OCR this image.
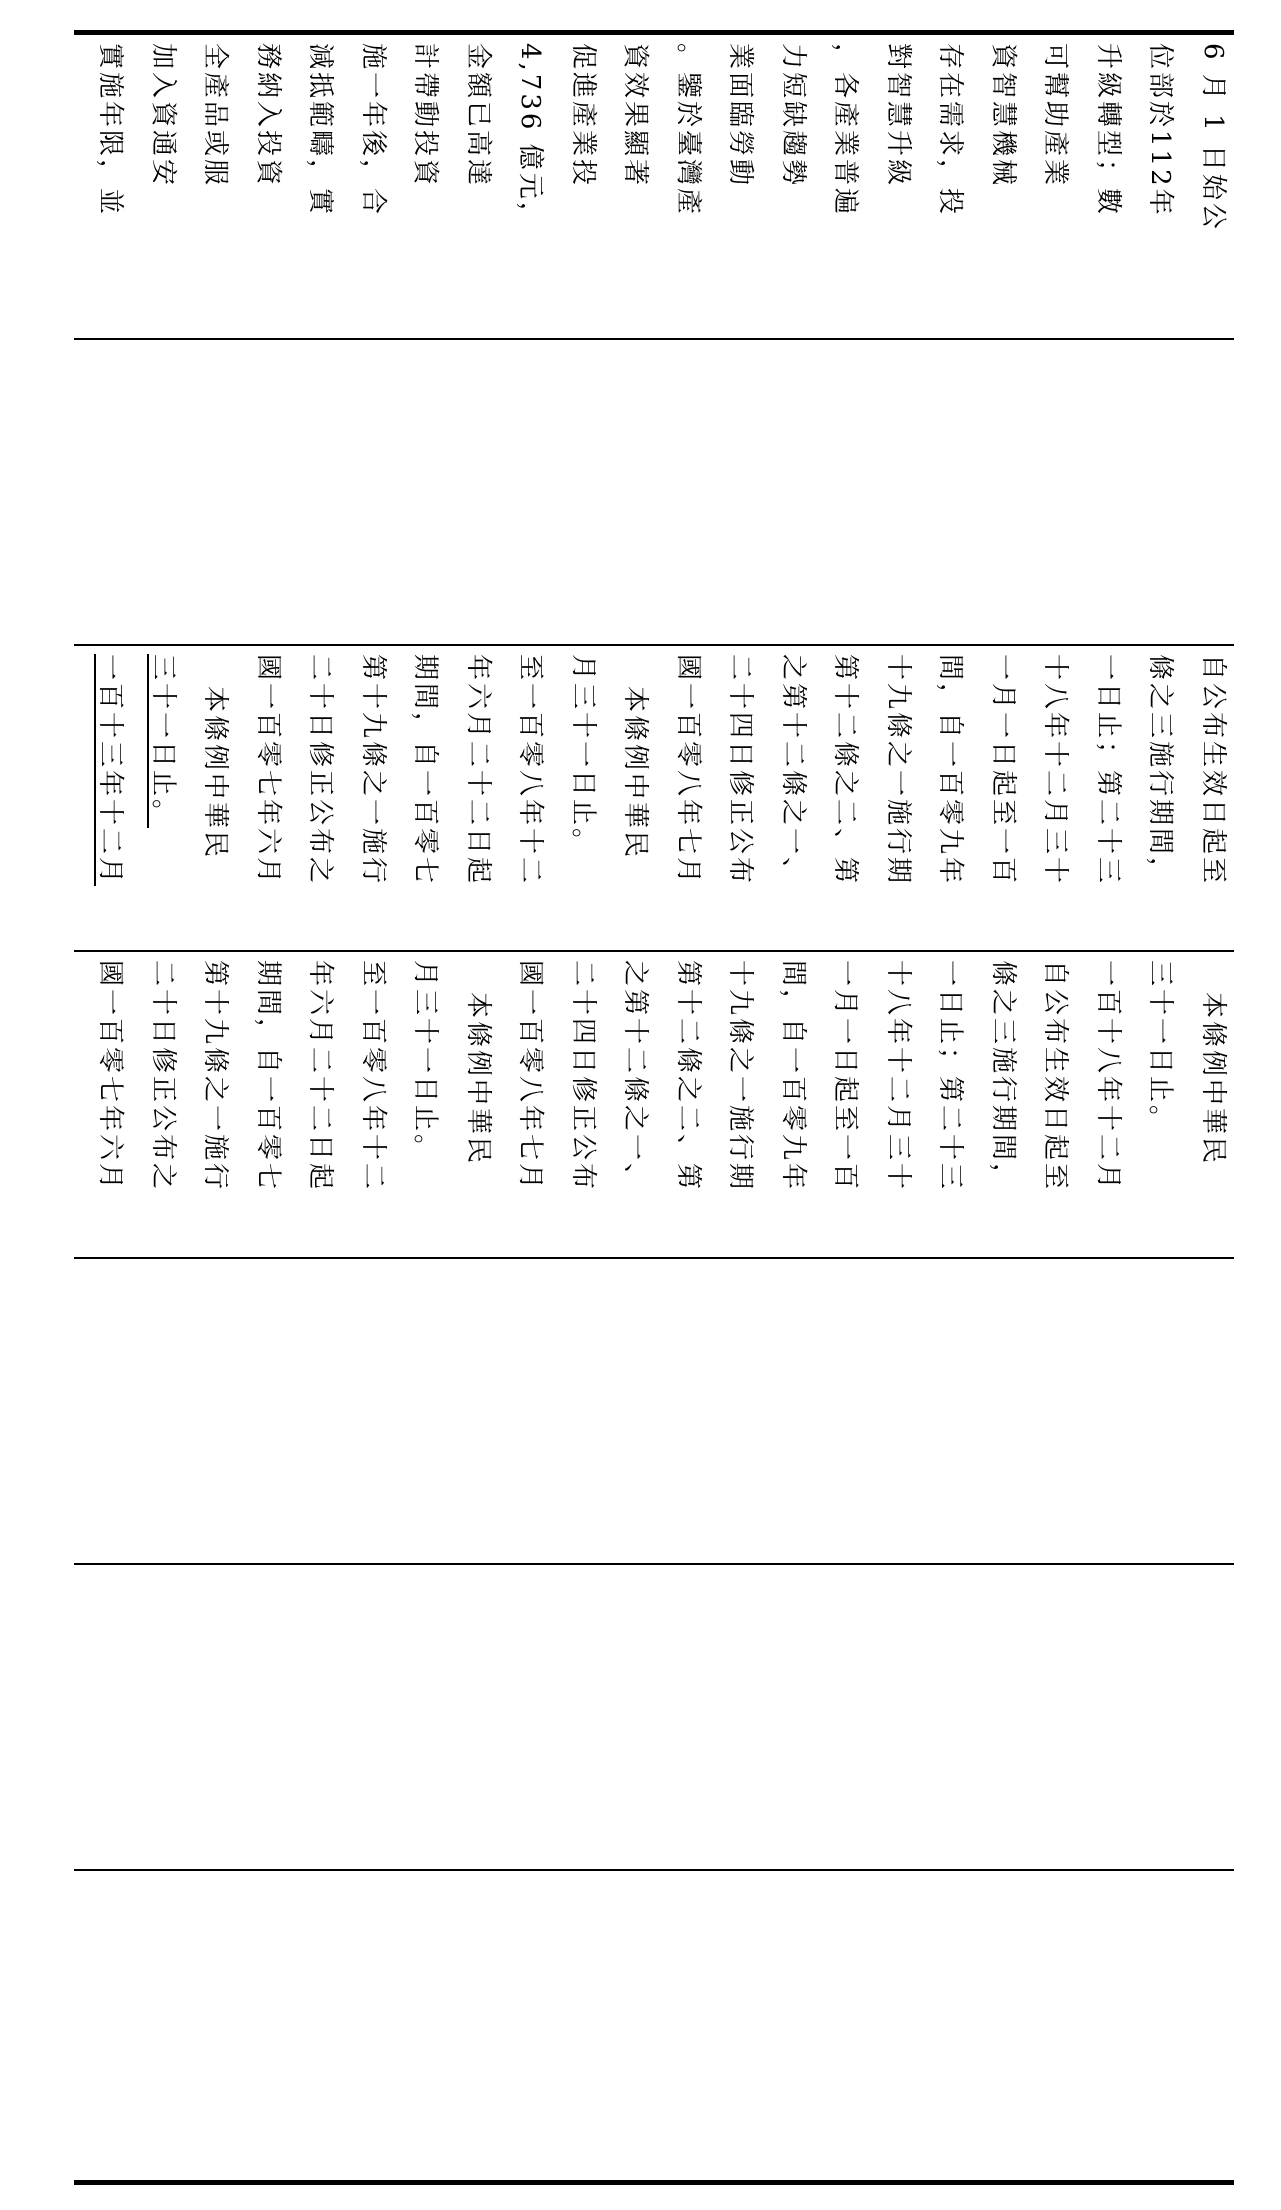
實施年限，並 加入資通安 全產品或服 務納入投資 減抵範疇，實 施一年後，合 計帶動投資 金額已高達 4,736 億元， 促進產業投 資效果顯著 。鑒於臺灣產 業面臨勞動 力短缺趨勢 ，各產業普遍 對智慧升級 存在需求，投 資智慧機械 可幫助產業 升級轉型；數 位部於112年 6 月 1 日始公
一百十三年十二月 三十一日止。 本條例中華民 國一百零七年六月 二十日修正公布之 第十九條之一施行 期間，自一百零七 年六月二十二日起 至一百零八年十二 月三十一日止。 本條例中華民 國一百零八年七月 二十四日修正公布 之第十二條之一、 第十二條之二、第 十九條之一施行期 間，自一百零九年 一月一日起至一百 十八年十二月三十 一日止；第二十三 條之三施行期間， 自公布生效日起至
國一百零七年六月 二十日修正公布之 第十九條之一施行 期間，自一百零七 年六月二十二日起 至一百零八年十二 月三十一日止。 本條例中華民 國一百零八年七月 二十四日修正公布 之第十二條之一、 第十二條之二、第 十九條之一施行期 間，自一百零九年 一月一日起至一百 十八年十二月三十 一日止；第二十三 條之三施行期間， 自公布生效日起至 一百十八年十二月 三十一日止。 本條例中華民
